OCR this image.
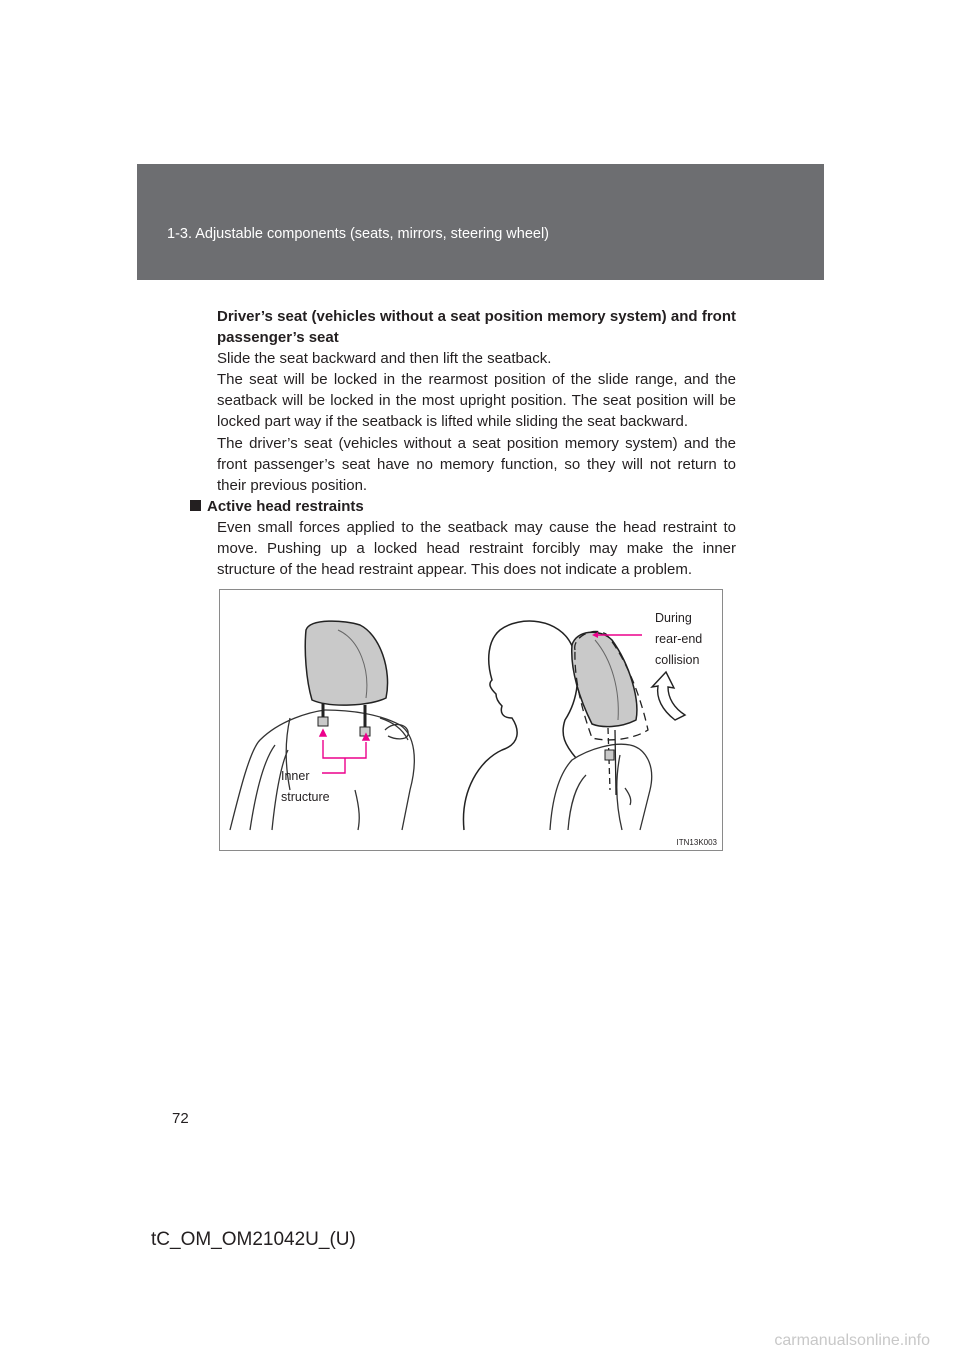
1-3. Adjustable components (seats, mirrors, steering wheel)
Driver’s seat (vehicles without a seat position memory system) and front passenger’s seat
Slide the seat backward and then lift the seatback.

The seat will be locked in the rearmost position of the slide range, and the seatback will be locked in the most upright position. The seat position will be locked part way if the seatback is lifted while sliding the seat backward.

The driver’s seat (vehicles without a seat position memory system) and the front passenger’s seat have no memory function, so they will not return to their previous position.

Active head restraints

Even small forces applied to the seatback may cause the head restraint to move. Pushing up a locked head restraint forcibly may make the inner structure of the head restraint appear. This does not indicate a problem.

Inner
structure
During
rear-end
collision
ITN13K003
72
tC_OM_OM21042U_(U)
carmanualsonline.info
